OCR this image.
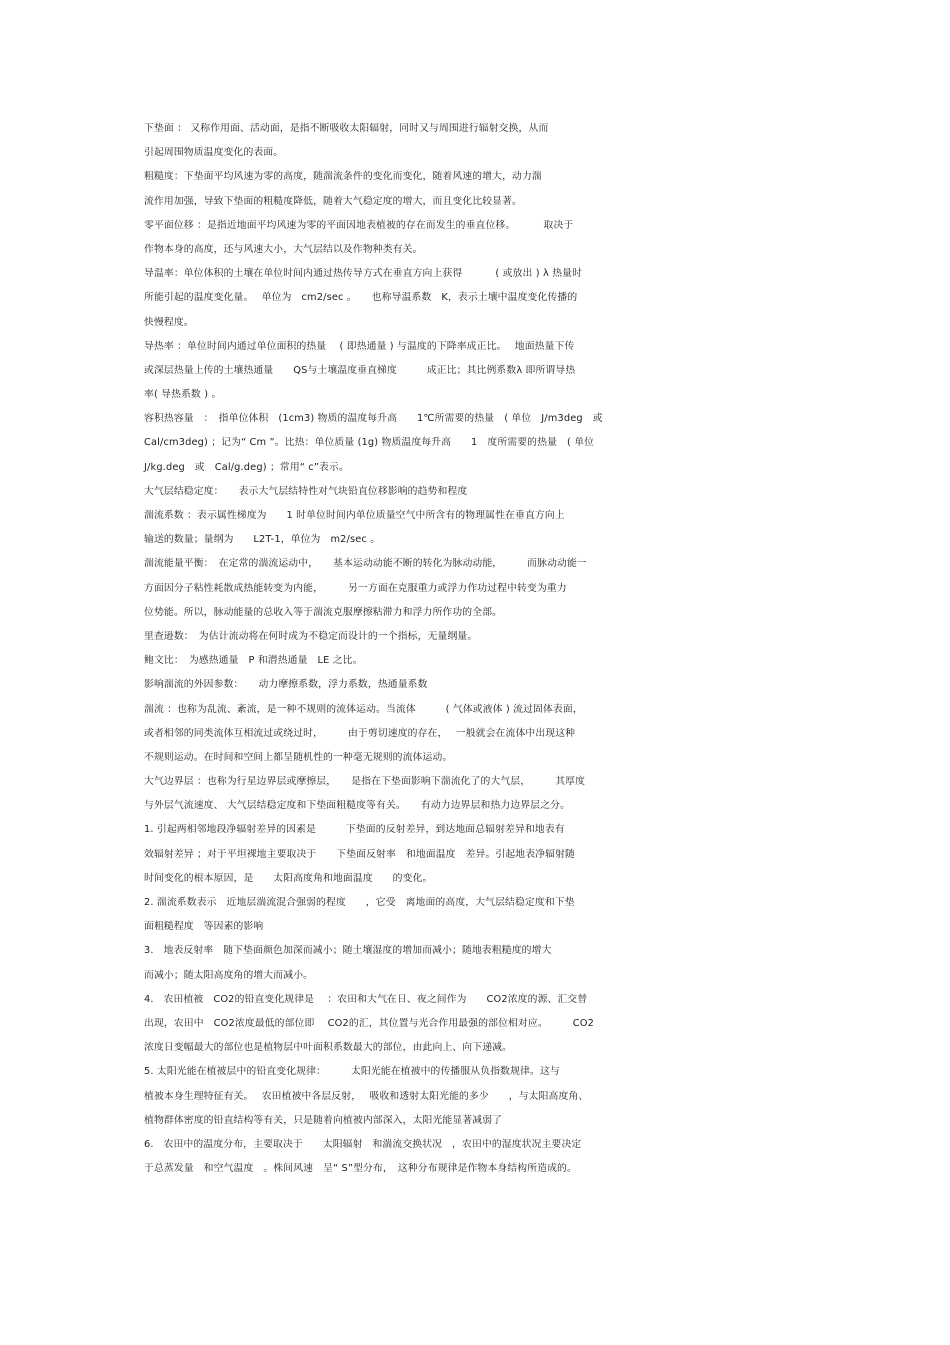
下垫面 ： 又称作用面、活动面，是指不断吸收太阳辐射，同时又与周围进行辐射交换，从而
引起周围物质温度变化的表面。
粗糙度：下垫面平均风速为零的高度，随湍流条件的变化而变化，随着风速的增大，动力湍
流作用加强，导致下垫面的粗糙度降低，随着大气稳定度的增大，而且变化比较显著。
零平面位移 ：是指近地面平均风速为零的平面因地表植被的存在而发生的垂直位移。　　　 取决于
作物本身的高度，还与风速大小，大气层结以及作物种类有关。
导温率：单位体积的土壤在单位时间内通过热传导方式在垂直方向上获得　　　 ( 或放出 ) λ 热量时
所能引起的温度变化量。　 单位为　cm2/sec 。　　也称导温系数　K，表示土壤中温度变化传播的
快慢程度。
导热率 ：单位时间内通过单位面积的热量　 ( 即热通量 ) 与温度的下降率成正比。　 地面热量下传
或深层热量上传的土壤热通量　　QS与土壤温度垂直梯度　　　成正比；其比例系数λ 即所谓导热
率( 导热系数 ) 。
容积热容量　：　指单位体积　(1cm3) 物质的温度每升高　　1℃所需要的热量　( 单位　J/m3deg　或
Cal/cm3deg) ；记为“ Cm ”。比热：单位质量 (1g) 物质温度每升高　　1　度所需要的热量　( 单位
J/kg.deg　或　Cal/g.deg) ；常用“ c”表示。
大气层结稳定度：　　表示大气层结特性对气块铅直位移影响的趋势和程度
湍流系数 ：表示属性梯度为　　1 时单位时间内单位质量空气中所含有的物理属性在垂直方向上
输送的数量；量纲为　　L2T-1，单位为　m2/sec 。
湍流能量平衡：　在定常的湍流运动中，　　基本运动动能不断的转化为脉动动能，　　　而脉动动能一
方面因分子粘性耗散成热能转变为内能，　　　另一方面在克服重力或浮力作功过程中转变为重力
位势能。所以，脉动能量的总收入等于湍流克服摩擦粘滞力和浮力所作功的全部。
里查逊数：　为估计流动将在何时成为不稳定而设计的一个指标，无量纲量。
鲍文比：　为感热通量　P 和潜热通量　LE 之比。
影响湍流的外因参数：　　动力摩擦系数，浮力系数，热通量系数
湍流 ：也称为乱流、紊流，是一种不规则的流体运动。当流体　　　( 气体或液体 ) 流过固体表面，
或者相邻的同类流体互相流过或绕过时，　　　由于剪切速度的存在，　 一般就会在流体中出现这种
不规则运动。在时间和空间上都呈随机性的一种毫无规则的流体运动。
大气边界层 ：也称为行星边界层或摩擦层，　　是指在下垫面影响下湍流化了的大气层，　　　其厚度
与外层气流速度、 大气层结稳定度和下垫面粗糙度等有关。　　有动力边界层和热力边界层之分。
1. 引起两相邻地段净辐射差异的因素是　　　下垫面的反射差异，到达地面总辐射差异和地表有
效辐射差异 ；对于平坦裸地主要取决于　　下垫面反射率　和地面温度　差异。引起地表净辐射随
时间变化的根本原因，是　　太阳高度角和地面温度　　的变化。
2. 湍流系数表示　近地层湍流混合强弱的程度　　，它受　离地面的高度，大气层结稳定度和下垫
面粗糙程度　等因素的影响
3.　地表反射率　随下垫面颜色加深而减小；随土壤湿度的增加而减小；随地表粗糙度的增大
而减小；随太阳高度角的增大而减小。
4.　农田植被　CO2的铅直变化规律是　 ：农田和大气在日、夜之间作为　　CO2浓度的源、汇交替
出现，农田中　CO2浓度最低的部位即　 CO2的汇，其位置与光合作用最强的部位相对应。　　　CO2
浓度日变幅最大的部位也是植物层中叶面积系数最大的部位，由此向上、向下递减。
5. 太阳光能在植被层中的铅直变化规律：　　　太阳光能在植被中的传播服从负指数规律。这与
植被本身生理特征有关。　 农田植被中各层反射，　 吸收和透射太阳光能的多少　　，与太阳高度角、
植物群体密度的铅直结构等有关，只是随着向植被内部深入，太阳光能显著减弱了
6.　农田中的温度分布，主要取决于　　太阳辐射　和湍流交换状况　，农田中的湿度状况主要决定
于总蒸发量　和空气温度　。株间风速　呈“ S”型分布，　这种分布规律是作物本身结构所造成的。
